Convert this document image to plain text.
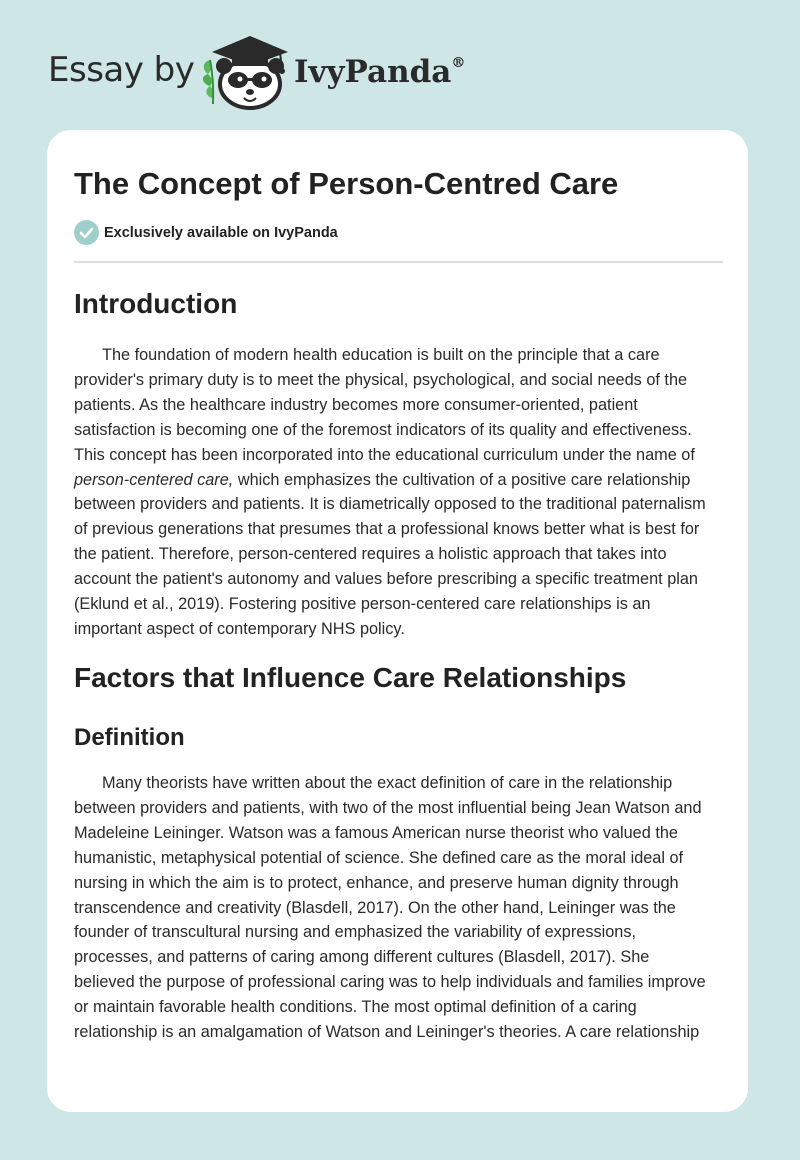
Essay by	IvyPanda®
The Concept of Person-Centred Care
Exclusively available on IvyPanda
Introduction

The foundation of modern health education is built on the principle that a care
provider's primary duty is to meet the physical, psychological, and social needs of the
patients. As the healthcare industry becomes more consumer-oriented, patient
satisfaction is becoming one of the foremost indicators of its quality and effectiveness.
This concept has been incorporated into the educational curriculum under the name of
person-centered care, which emphasizes the cultivation of a positive care relationship
between providers and patients. It is diametrically opposed to the traditional paternalism
of previous generations that presumes that a professional knows better what is best for
the patient. Therefore, person-centered requires a holistic approach that takes into
account the patient's autonomy and values before prescribing a specific treatment plan
(Eklund et al., 2019). Fostering positive person-centered care relationships is an
important aspect of contemporary NHS policy.

Factors that Influence Care Relationships
Definition

Many theorists have written about the exact definition of care in the relationship
between providers and patients, with two of the most influential being Jean Watson and
Madeleine Leininger. Watson was a famous American nurse theorist who valued the
humanistic, metaphysical potential of science. She defined care as the moral ideal of
nursing in which the aim is to protect, enhance, and preserve human dignity through
transcendence and creativity (Blasdell, 2017). On the other hand, Leininger was the
founder of transcultural nursing and emphasized the variability of expressions,
processes, and patterns of caring among different cultures (Blasdell, 2017). She
believed the purpose of professional caring was to help individuals and families improve
or maintain favorable health conditions. The most optimal definition of a caring
relationship is an amalgamation of Watson and Leininger's theories. A care relationship
